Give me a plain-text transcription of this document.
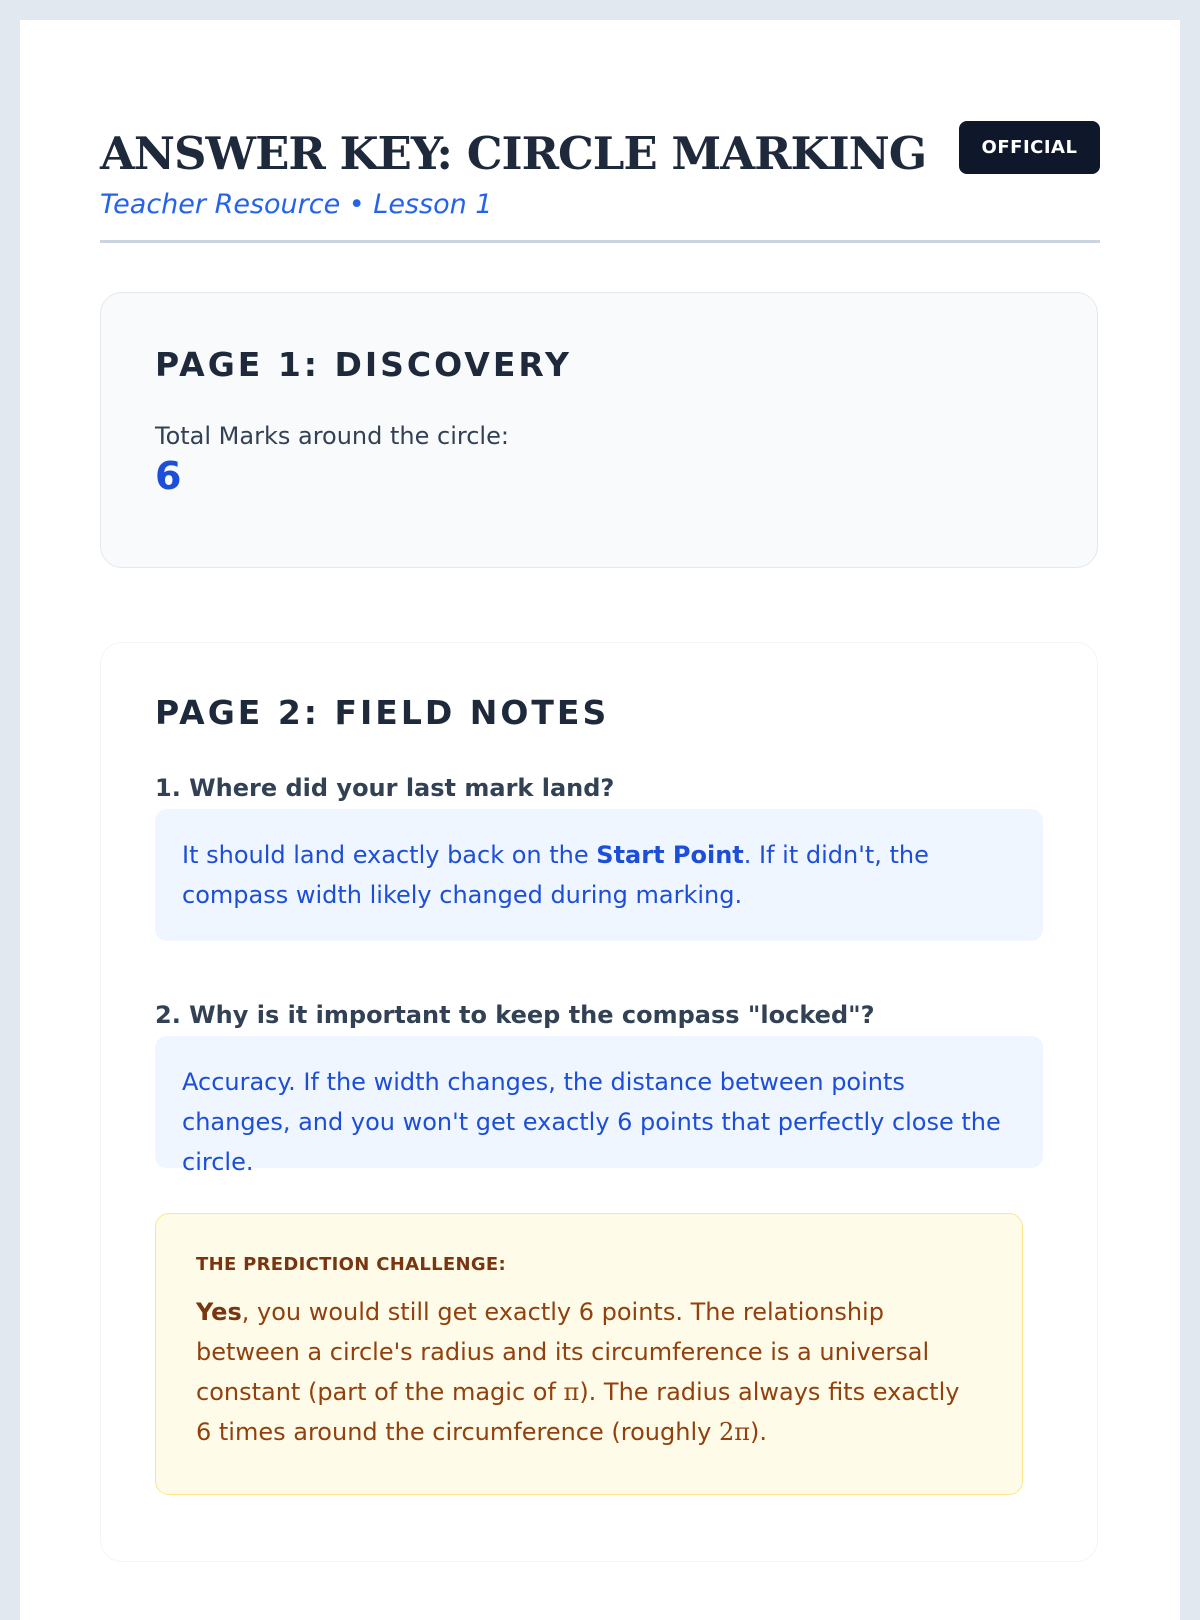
ANSWER KEY: CIRCLE MARKING
Teacher Resource • Lesson 1
OFFICIAL
PAGE 1: DISCOVERY
Total Marks around the circle:
6
PAGE 2: FIELD NOTES
1. Where did your last mark land?
It should land exactly back on the Start Point. If it didn't, the compass width likely changed during marking.
2. Why is it important to keep the compass "locked"?
Accuracy. If the width changes, the distance between points changes, and you won't get exactly 6 points that perfectly close the circle.
THE PREDICTION CHALLENGE:
Yes, you would still get exactly 6 points. The relationship between a circle's radius and its circumference is a universal constant (part of the magic of π). The radius always fits exactly 6 times around the circumference (roughly 2π).
